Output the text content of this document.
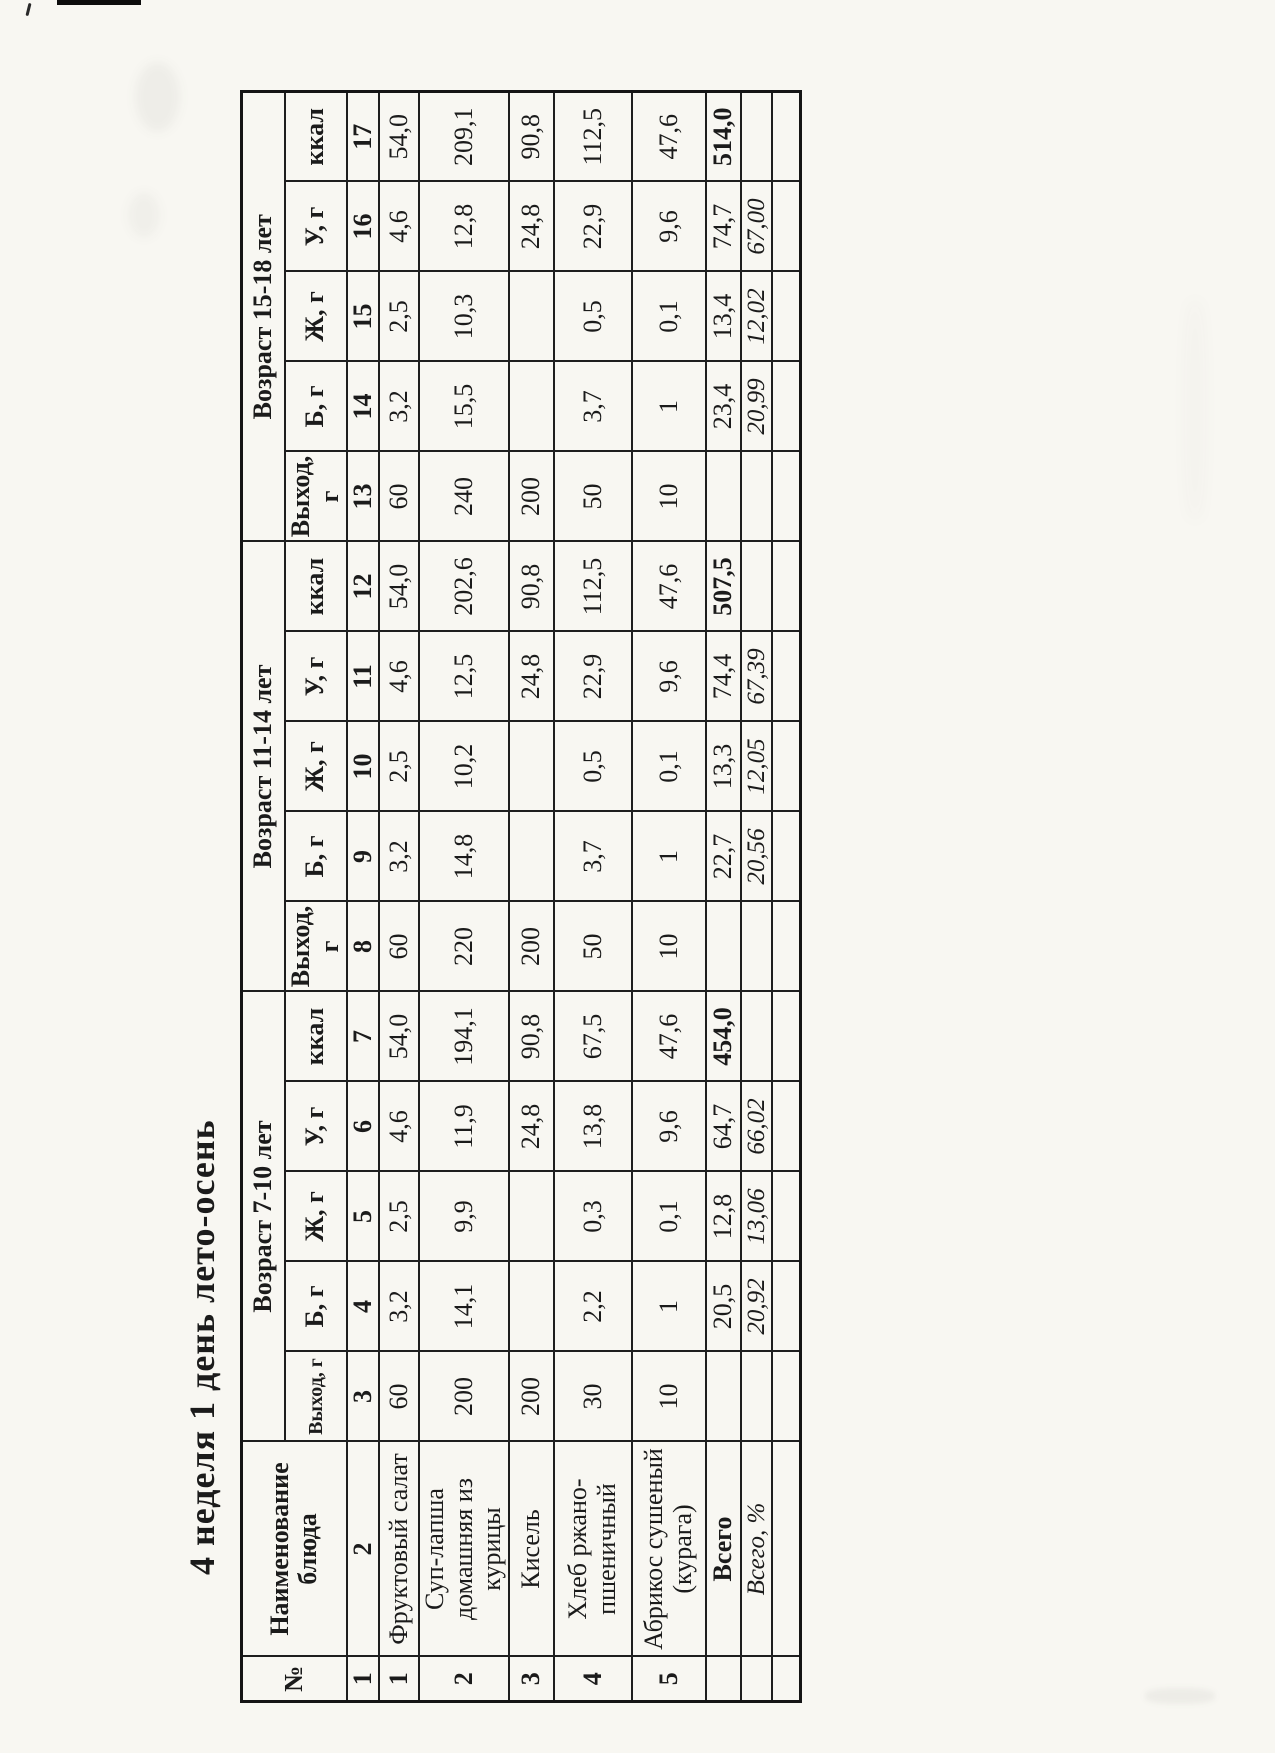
4 неделя 1 день лето-осень
№	Наименование блюда	Возраст 7-10 лет					Возраст 11-14 лет					Возраст 15-18 лет				
		Выход, г	Б, г	Ж, г	У, г	ккал	Выход, г	Б, г	Ж, г	У, г	ккал	Выход, г	Б, г	Ж, г	У, г	ккал
1	2	3	4	5	6	7	8	9	10	11	12	13	14	15	16	17
1	Фруктовый салат	60	3,2	2,5	4,6	54,0	60	3,2	2,5	4,6	54,0	60	3,2	2,5	4,6	54,0
2	Суп-лапша домашняя из курицы	200	14,1	9,9	11,9	194,1	220	14,8	10,2	12,5	202,6	240	15,5	10,3	12,8	209,1
3	Кисель	200			24,8	90,8	200			24,8	90,8	200			24,8	90,8
4	Хлеб ржано-пшеничный	30	2,2	0,3	13,8	67,5	50	3,7	0,5	22,9	112,5	50	3,7	0,5	22,9	112,5
5	Абрикос сушеный (курага)	10	1	0,1	9,6	47,6	10	1	0,1	9,6	47,6	10	1	0,1	9,6	47,6
	Всего		20,5	12,8	64,7	454,0		22,7	13,3	74,4	507,5		23,4	13,4	74,7	514,0
	Всего, %		20,92	13,06	66,02			20,56	12,05	67,39			20,99	12,02	67,00	
